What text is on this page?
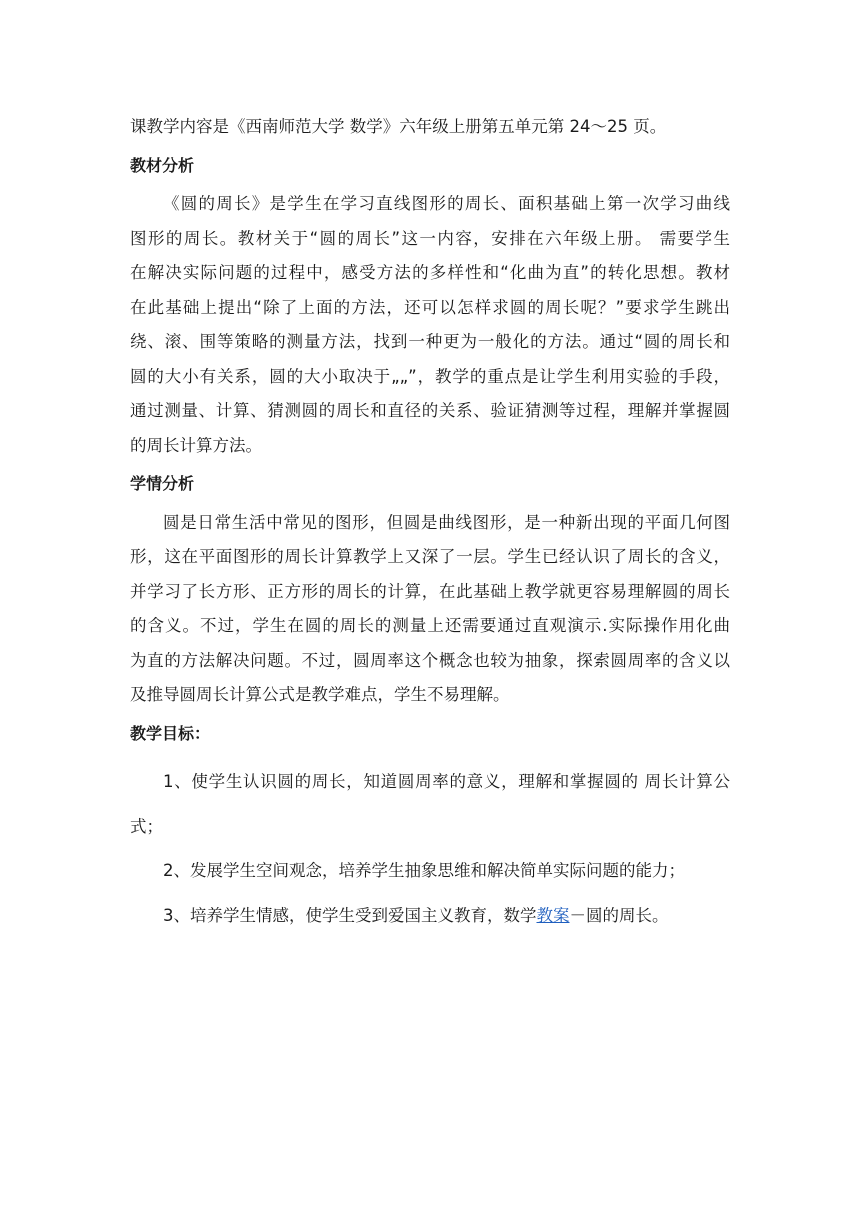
课教学内容是《西南师范大学 数学》六年级上册第五单元第 24～25 页。
教材分析
《圆的周长》是学生在学习直线图形的周长、面积基础上第一次学习曲线
图形的周长。教材关于“圆的周长”这一内容，安排在六年级上册。 需要学生
在解决实际问题的过程中，感受方法的多样性和“化曲为直”的转化思想。教材
在此基础上提出“除了上面的方法，还可以怎样求圆的周长呢？”要求学生跳出
绕、滚、围等策略的测量方法，找到一种更为一般化的方法。通过“圆的周长和
圆的大小有关系，圆的大小取决于„„”，教学的重点是让学生利用实验的手段，
通过测量、计算、猜测圆的周长和直径的关系、验证猜测等过程，理解并掌握圆
的周长计算方法。
学情分析
圆是日常生活中常见的图形，但圆是曲线图形，是一种新出现的平面几何图
形，这在平面图形的周长计算教学上又深了一层。学生已经认识了周长的含义，
并学习了长方形、正方形的周长的计算，在此基础上教学就更容易理解圆的周长
的含义。不过，学生在圆的周长的测量上还需要通过直观演示.实际操作用化曲
为直的方法解决问题。不过，圆周率这个概念也较为抽象，探索圆周率的含义以
及推导圆周长计算公式是教学难点，学生不易理解。
教学目标：
1、使学生认识圆的周长，知道圆周率的意义，理解和掌握圆的 周长计算公
式；
2、发展学生空间观念，培养学生抽象思维和解决简单实际问题的能力；
3、培养学生情感，使学生受到爱国主义教育，数学教案－圆的周长。
